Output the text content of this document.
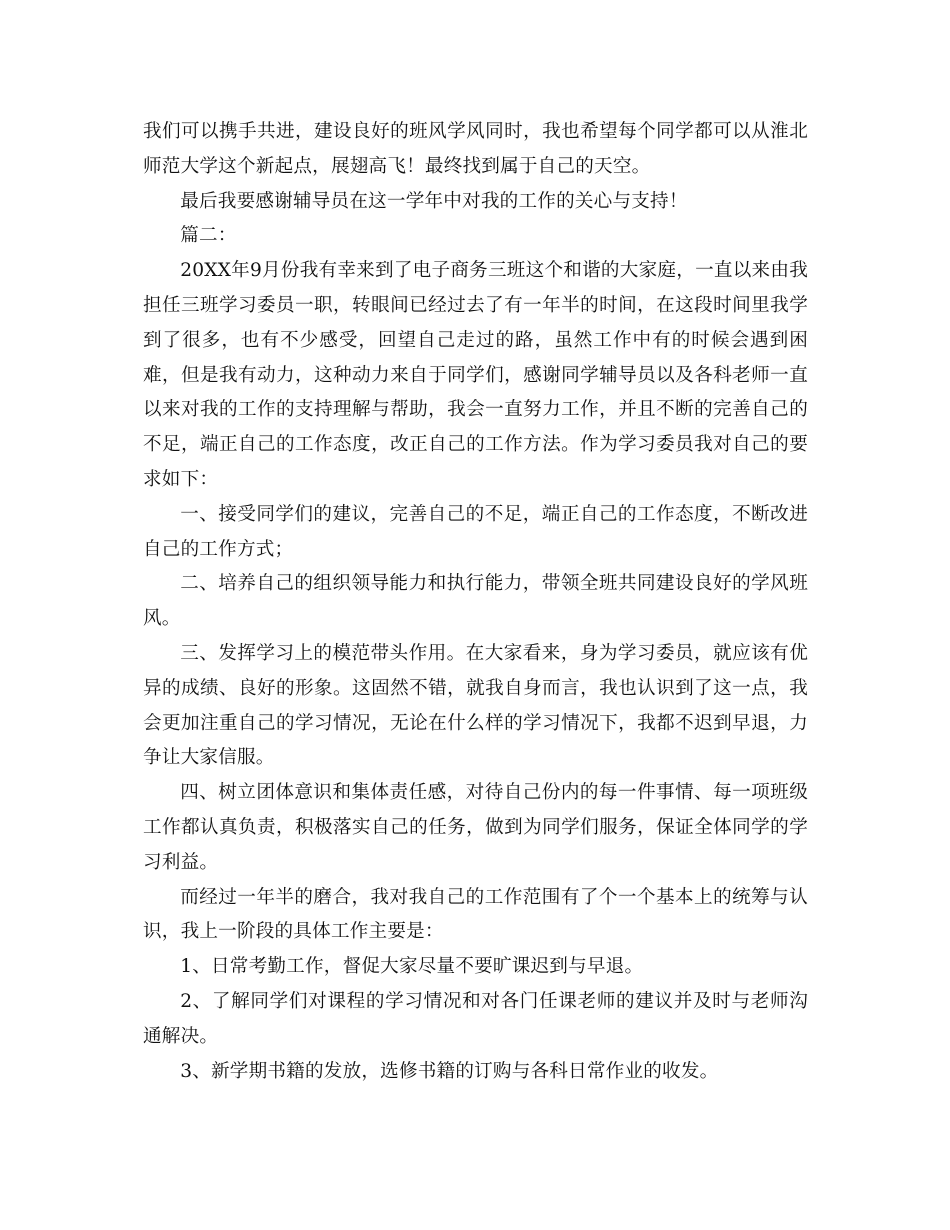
我们可以携手共进，建设良好的班风学风同时，我也希望每个同学都可以从淮北师范大学这个新起点，展翅高飞！最终找到属于自己的天空。

最后我要感谢辅导员在这一学年中对我的工作的关心与支持！

篇二：

20XX年9月份我有幸来到了电子商务三班这个和谐的大家庭，一直以来由我担任三班学习委员一职，转眼间已经过去了有一年半的时间，在这段时间里我学到了很多，也有不少感受，回望自己走过的路，虽然工作中有的时候会遇到困难，但是我有动力，这种动力来自于同学们，感谢同学辅导员以及各科老师一直以来对我的工作的支持理解与帮助，我会一直努力工作，并且不断的完善自己的不足，端正自己的工作态度，改正自己的工作方法。作为学习委员我对自己的要求如下：

一、接受同学们的建议，完善自己的不足，端正自己的工作态度，不断改进自己的工作方式；

二、培养自己的组织领导能力和执行能力，带领全班共同建设良好的学风班风。

三、发挥学习上的模范带头作用。在大家看来，身为学习委员，就应该有优异的成绩、良好的形象。这固然不错，就我自身而言，我也认识到了这一点，我会更加注重自己的学习情况，无论在什么样的学习情况下，我都不迟到早退，力争让大家信服。

四、树立团体意识和集体责任感，对待自己份内的每一件事情、每一项班级工作都认真负责，积极落实自己的任务，做到为同学们服务，保证全体同学的学习利益。

而经过一年半的磨合，我对我自己的工作范围有了个一个基本上的统筹与认识，我上一阶段的具体工作主要是：

1、日常考勤工作，督促大家尽量不要旷课迟到与早退。

2、了解同学们对课程的学习情况和对各门任课老师的建议并及时与老师沟通解决。

3、新学期书籍的发放，选修书籍的订购与各科日常作业的收发。
